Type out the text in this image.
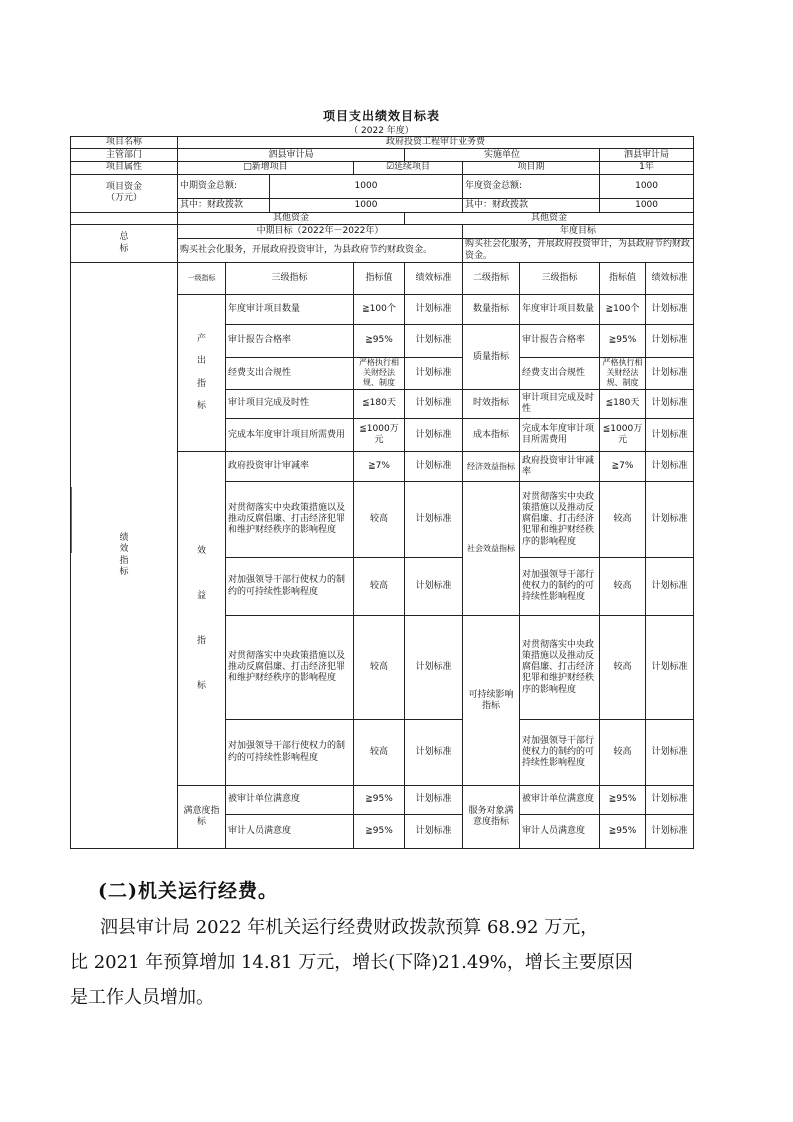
项目支出绩效目标表
（ 2022 年度）
项目名称	政府投资工程审计业务费								
主管部门	泗县审计局				实施单位			泗县审计局	
项目属性	□新增项目			☑延续项目		项目期		1年	
项目资金
（万元）	中期资金总额:		1000			年度资金总额:		1000	
	其中：财政拨款		1000			其中：财政拨款		1000	
	其他资金				其他资金				
总
标	中期目标（2022年－2022年）					年度目标			
	购买社会化服务，开展政府投资审计，为县政府节约财政资金。					购买社会化服务，开展政府投资审计，为县政府节约财政资金。			
绩
效
指
标	一级指标	三级指标		指标值	绩效标准	二级指标	三级指标	指标值	绩效标准
	产

出

指

标	年度审计项目数量		≧100个	计划标准	数量指标	年度审计项目数量	≧100个	计划标准
		审计报告合格率		≧95%	计划标准	质量指标	审计报告合格率	≧95%	计划标准
		经费支出合规性		严格执行相关财经法规、制度	计划标准		经费支出合规性	严格执行相关财经法规、制度	计划标准
		审计项目完成及时性		≦180天	计划标准	时效指标	审计项目完成及时性	≦180天	计划标准
		完成本年度审计项目所需费用		≦1000万元	计划标准	成本指标	完成本年度审计项目所需费用	≦1000万元	计划标准
	效

益

指

标	政府投资审计审减率		≧7%	计划标准	经济效益指标	政府投资审计审减率	≧7%	计划标准
		对贯彻落实中央政策措施以及推动反腐倡廉、打击经济犯罪和维护财经秩序的影响程度		较高	计划标准	社会效益指标	对贯彻落实中央政策措施以及推动反腐倡廉、打击经济犯罪和维护财经秩序的影响程度	较高	计划标准
		对加强领导干部行使权力的制约的可持续性影响程度		较高	计划标准		对加强领导干部行使权力的制约的可持续性影响程度	较高	计划标准
		对贯彻落实中央政策措施以及推动反腐倡廉、打击经济犯罪和维护财经秩序的影响程度		较高	计划标准	可持续影响指标	对贯彻落实中央政策措施以及推动反腐倡廉、打击经济犯罪和维护财经秩序的影响程度	较高	计划标准
		对加强领导干部行使权力的制约的可持续性影响程度		较高	计划标准		对加强领导干部行使权力的制约的可持续性影响程度	较高	计划标准
	满意度指标	被审计单位满意度		≧95%	计划标准	服务对象满意度指标	被审计单位满意度	≧95%	计划标准
		审计人员满意度		≧95%	计划标准		审计人员满意度	≧95%	计划标准
(二)机关运行经费。

泗县审计局 2022 年机关运行经费财政拨款预算 68.92 万元，
比 2021 年预算增加 14.81 万元，增长(下降)21.49%，增长主要原因
是工作人员增加。
